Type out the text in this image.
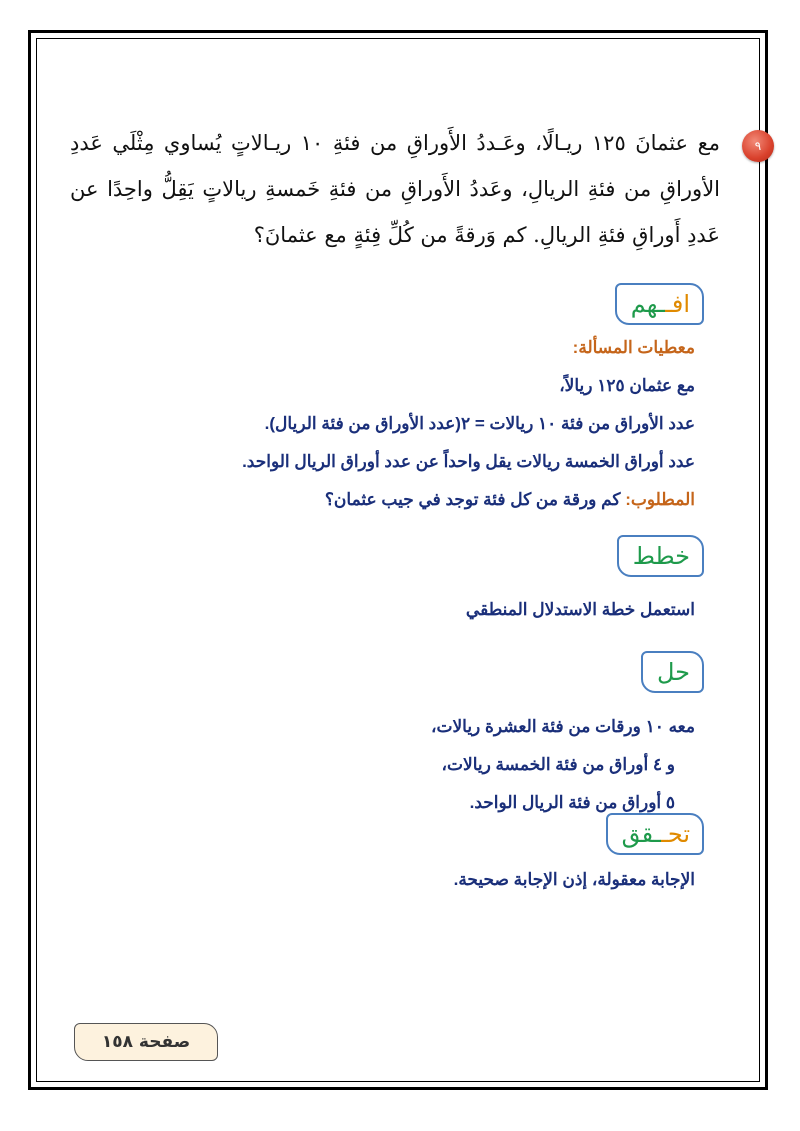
٩
مع عثمانَ ١٢٥ ريـالًا، وعَـددُ الأَوراقِ من فئةِ ١٠ ريـالاتٍ يُساوي مِثْلَي عَددِ الأوراقِ من فئةِ الريالِ، وعَددُ الأَوراقِ من فئةِ خَمسةِ ريالاتٍ يَقِلُّ واحِدًا عن عَددِ أَوراقِ فئةِ الريالِ. كم وَرقةً من كُلِّ فِئةٍ مع عثمانَ؟
افـ
ـهم
معطيات المسألة:
مع عثمان ١٢٥ ريالاً،
عدد الأوراق من فئة ١٠ ريالات = ٢(عدد الأوراق من فئة الريال).
عدد أوراق الخمسة ريالات يقل واحداً عن عدد أوراق الريال الواحد.
المطلوب: كم ورقة من كل فئة توجد في جيب عثمان؟
خطط
استعمل خطة الاستدلال المنطقي
حل
معه ١٠ ورقات من فئة العشرة ريالات،
و ٤ أوراق من فئة الخمسة ريالات،
٥ أوراق من فئة الريال الواحد.
تحـ
ـقق
الإجابة معقولة، إذن الإجابة صحيحة.
صفحة ١٥٨
